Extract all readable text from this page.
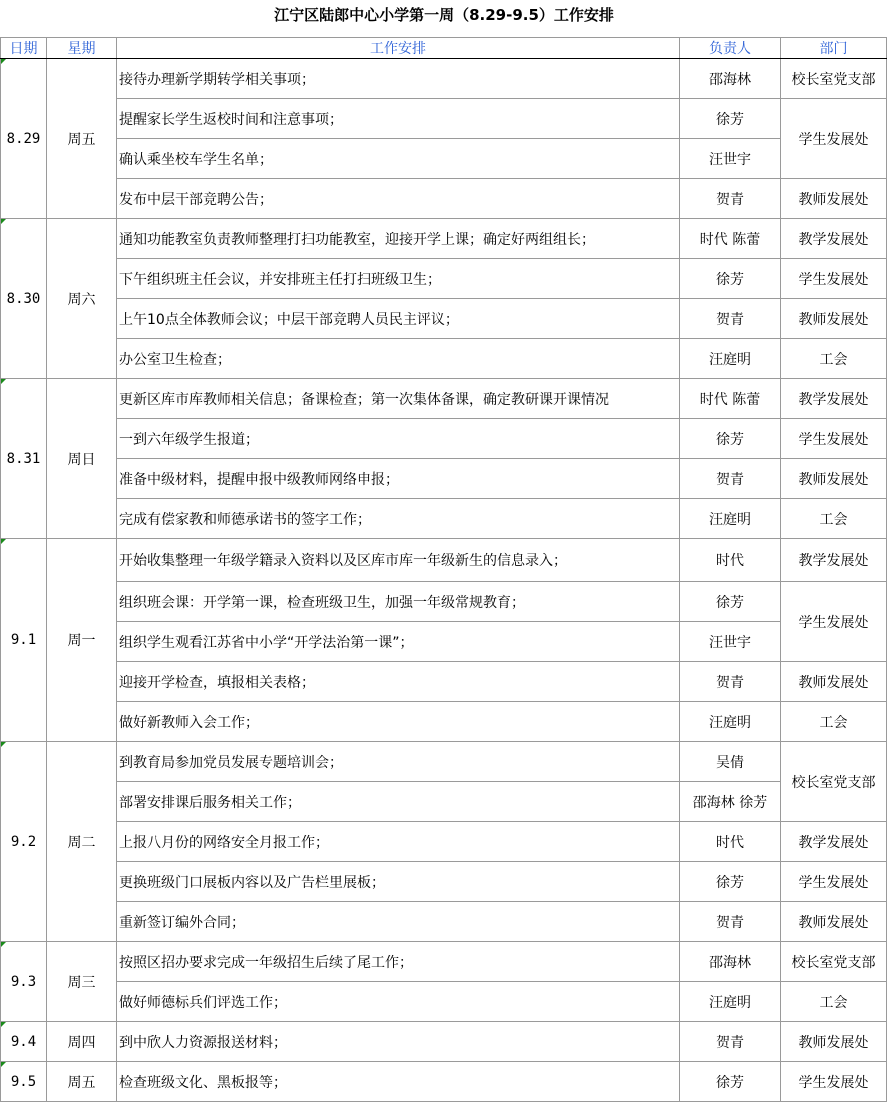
江宁区陆郎中心小学第一周（8.29-9.5）工作安排
日期	星期	工作安排	负责人	部门
8.29	周五	接待办理新学期转学相关事项；	邵海林	校长室党支部
		提醒家长学生返校时间和注意事项；	徐芳	学生发展处
		确认乘坐校车学生名单；	汪世宇	
		发布中层干部竞聘公告；	贺青	教师发展处
8.30	周六	通知功能教室负责教师整理打扫功能教室，迎接开学上课；确定好两组组长；	时代 陈蕾	教学发展处
		下午组织班主任会议，并安排班主任打扫班级卫生；	徐芳	学生发展处
		上午10点全体教师会议；中层干部竞聘人员民主评议；	贺青	教师发展处
		办公室卫生检查；	汪庭明	工会
8.31	周日	更新区库市库教师相关信息；备课检查；第一次集体备课，确定教研课开课情况	时代 陈蕾	教学发展处
		一到六年级学生报道；	徐芳	学生发展处
		准备中级材料，提醒申报中级教师网络申报；	贺青	教师发展处
		完成有偿家教和师德承诺书的签字工作；	汪庭明	工会
9.1	周一	开始收集整理一年级学籍录入资料以及区库市库一年级新生的信息录入；	时代	教学发展处
		组织班会课：开学第一课，检查班级卫生，加强一年级常规教育；	徐芳	学生发展处
		组织学生观看江苏省中小学“开学法治第一课”；	汪世宇	
		迎接开学检查，填报相关表格；	贺青	教师发展处
		做好新教师入会工作；	汪庭明	工会
9.2	周二	到教育局参加党员发展专题培训会；	吴倩	校长室党支部
		部署安排课后服务相关工作；	邵海林 徐芳	
		上报八月份的网络安全月报工作；	时代	教学发展处
		更换班级门口展板内容以及广告栏里展板；	徐芳	学生发展处
		重新签订编外合同；	贺青	教师发展处
9.3	周三	按照区招办要求完成一年级招生后续了尾工作；	邵海林	校长室党支部
		做好师德标兵们评选工作；	汪庭明	工会
9.4	周四	到中欣人力资源报送材料；	贺青	教师发展处
9.5	周五	检查班级文化、黑板报等；	徐芳	学生发展处
